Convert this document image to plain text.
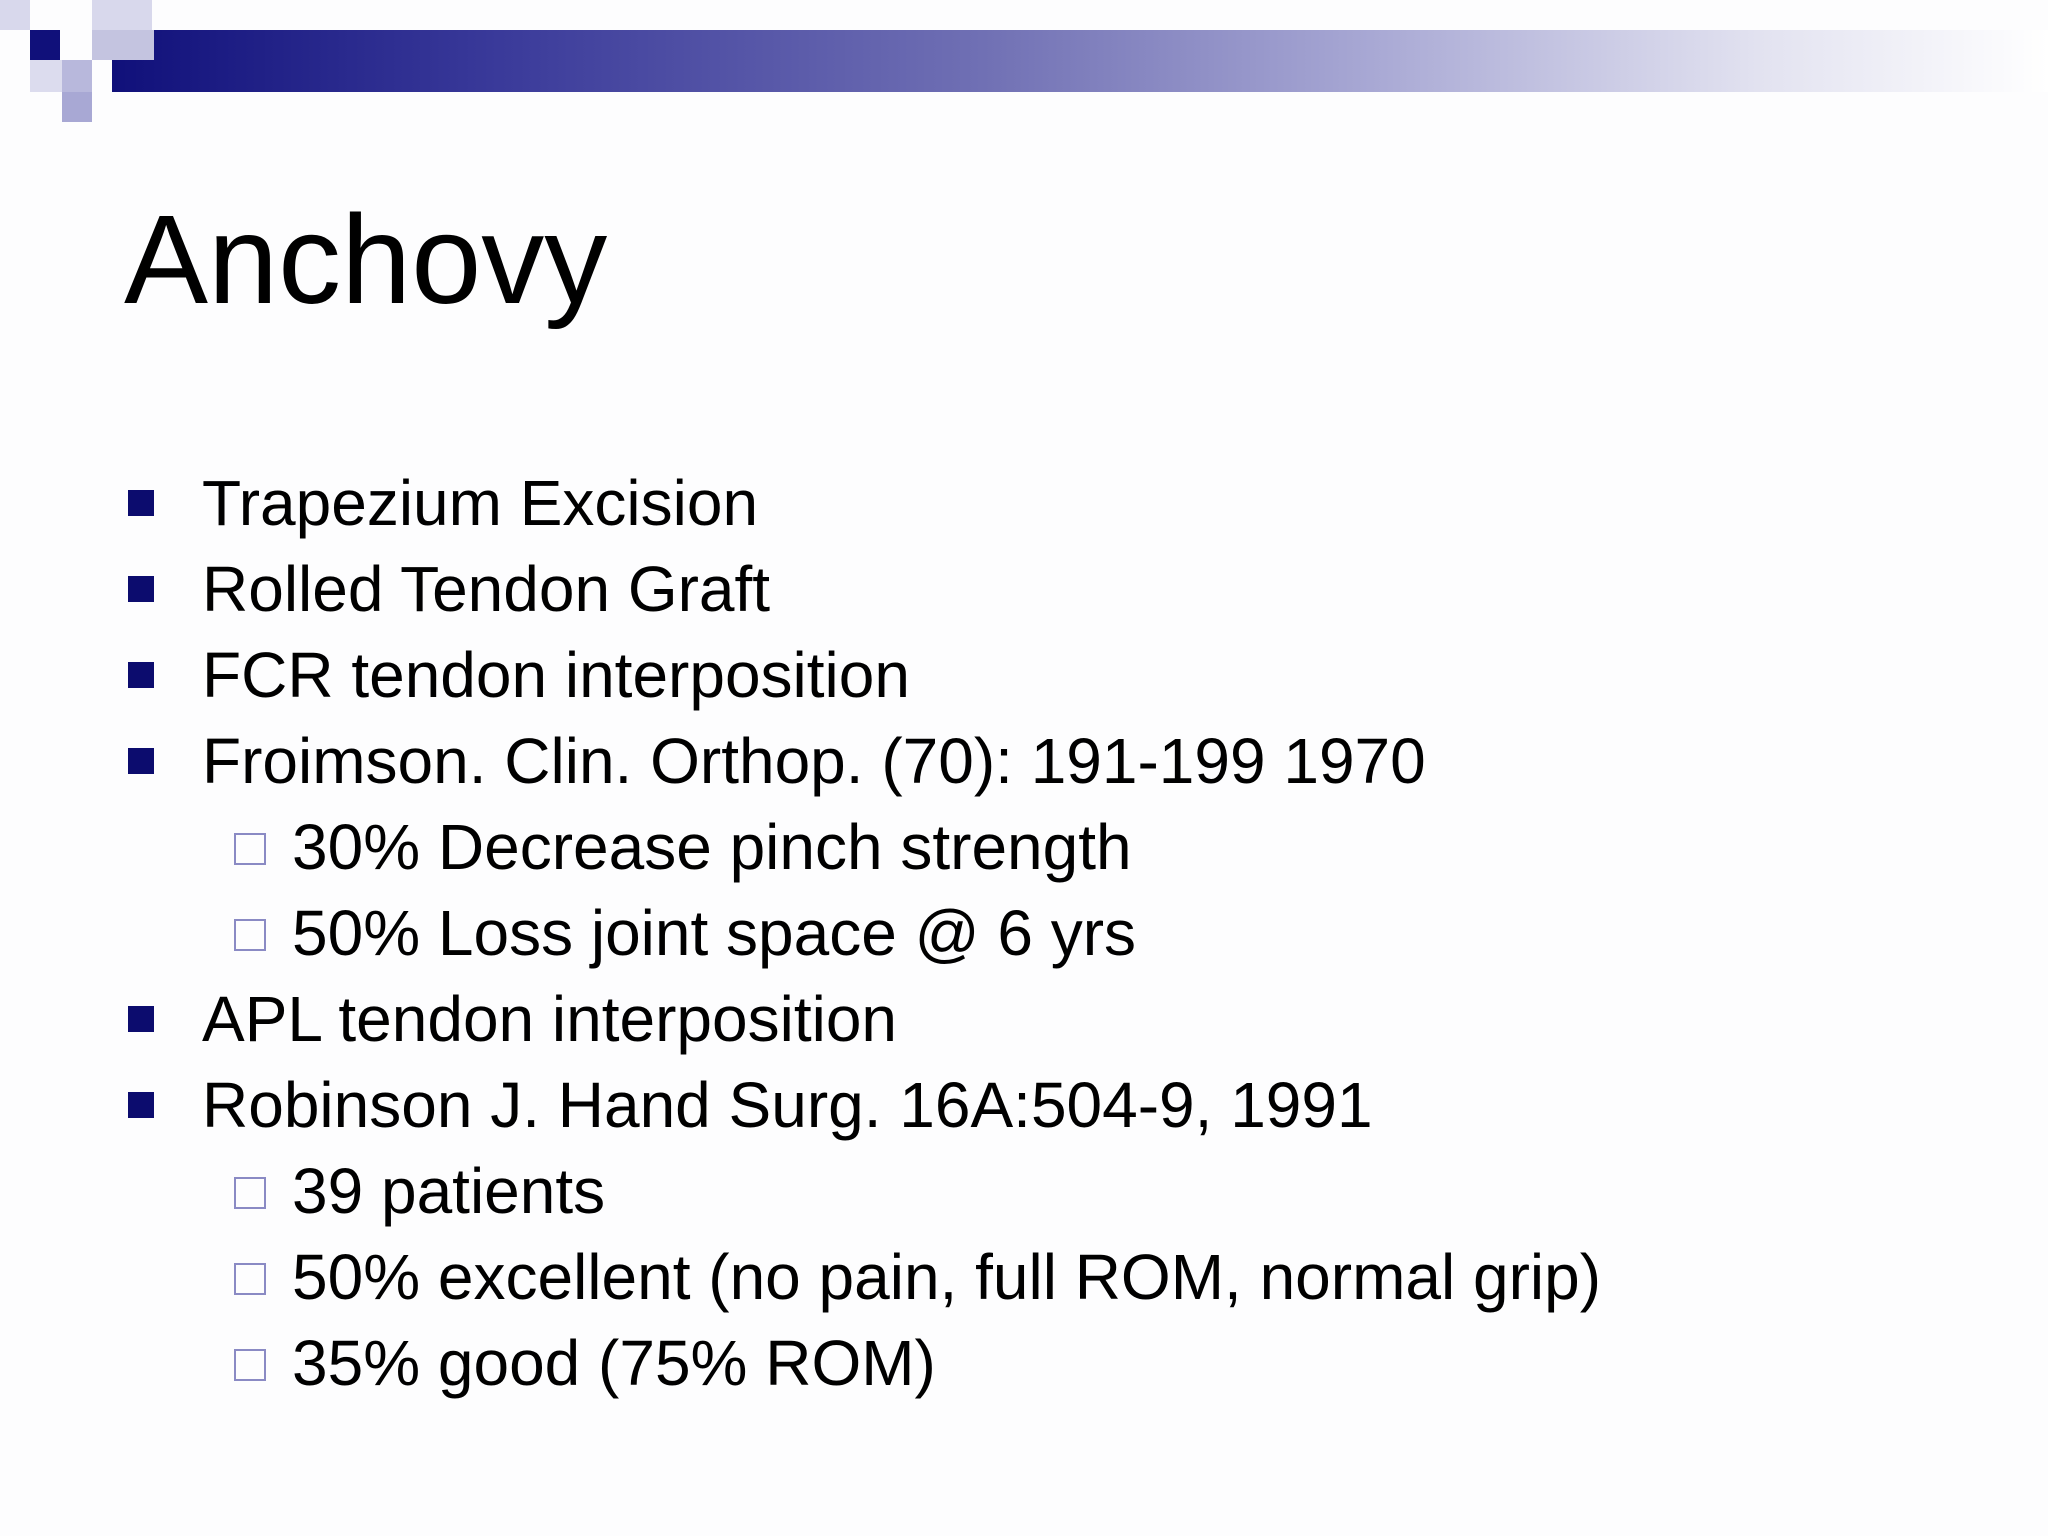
Anchovy
Trapezium Excision
Rolled Tendon Graft
FCR tendon interposition
Froimson. Clin. Orthop. (70): 191-199 1970
30% Decrease pinch strength
50% Loss joint space @ 6 yrs
APL tendon interposition
Robinson J. Hand Surg. 16A:504-9, 1991
39 patients
50% excellent (no pain, full ROM, normal grip)
35% good (75% ROM)
